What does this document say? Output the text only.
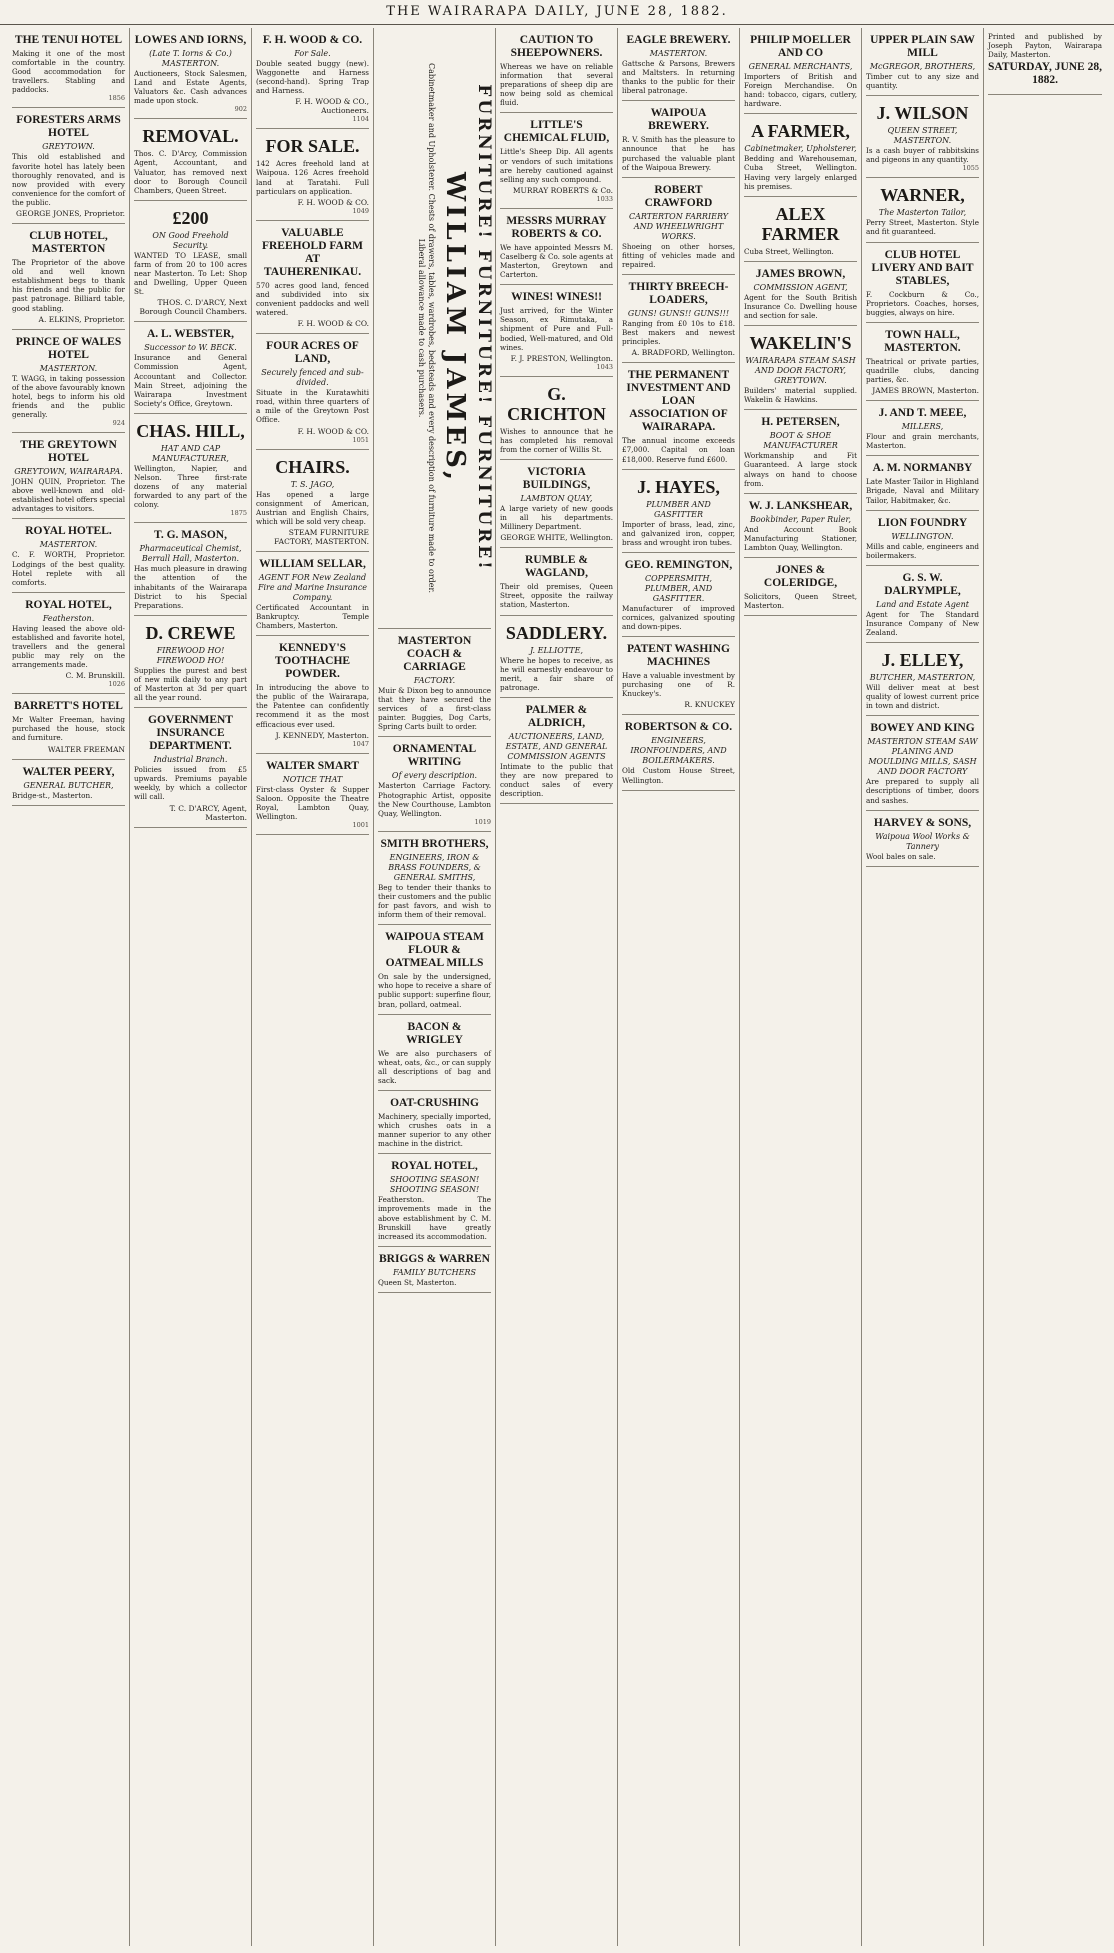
THE WAIRARAPA DAILY, JUNE 28, 1882.
THE TENUI HOTEL
Making it one of the most comfortable in the country. Good accommodation for travellers. Stabling and paddocks.
1856
FORESTERS ARMS HOTEL
GREYTOWN.
This old established and favorite hotel has lately been thoroughly renovated, and is now provided with every convenience for the comfort of the public.
GEORGE JONES, Proprietor.
CLUB HOTEL, MASTERTON
The Proprietor of the above old and well known establishment begs to thank his friends and the public for past patronage. Billiard table, good stabling.
A. ELKINS, Proprietor.
PRINCE OF WALES HOTEL
MASTERTON.
T. WAGG, in taking possession of the above favourably known hotel, begs to inform his old friends and the public generally.
924
THE GREYTOWN HOTEL
GREYTOWN, WAIRARAPA.
JOHN QUIN, Proprietor. The above well-known and old-established hotel offers special advantages to visitors.
ROYAL HOTEL.
MASTERTON.
C. F. WORTH, Proprietor. Lodgings of the best quality. Hotel replete with all comforts.
ROYAL HOTEL,
Featherston.
Having leased the above old-established and favorite hotel, travellers and the general public may rely on the arrangements made.
C. M. Brunskill.
1026
BARRETT'S HOTEL
Mr Walter Freeman, having purchased the house, stock and furniture.
WALTER FREEMAN
WALTER PEERY,
GENERAL BUTCHER,
Bridge-st., Masterton.
LOWES AND IORNS,
(Late T. Iorns & Co.) MASTERTON.
Auctioneers, Stock Salesmen, Land and Estate Agents, Valuators &c. Cash advances made upon stock.
902
REMOVAL.
Thos. C. D'Arcy, Commission Agent, Accountant, and Valuator, has removed next door to Borough Council Chambers, Queen Street.
£200
ON Good Freehold Security.
WANTED TO LEASE, small farm of from 20 to 100 acres near Masterton. To Let: Shop and Dwelling, Upper Queen St.
THOS. C. D'ARCY, Next Borough Council Chambers.
A. L. WEBSTER,
Successor to W. BECK.
Insurance and General Commission Agent, Accountant and Collector. Main Street, adjoining the Wairarapa Investment Society's Office, Greytown.
CHAS. HILL,
HAT AND CAP MANUFACTURER,
Wellington, Napier, and Nelson. Three first-rate dozens of any material forwarded to any part of the colony.
1875
T. G. MASON,
Pharmaceutical Chemist, Berrall Hall, Masterton.
Has much pleasure in drawing the attention of the inhabitants of the Wairarapa District to his Special Preparations.
D. CREWE
FIREWOOD HO! FIREWOOD HO!
Supplies the purest and best of new milk daily to any part of Masterton at 3d per quart all the year round.
GOVERNMENT INSURANCE DEPARTMENT.
Industrial Branch.
Policies issued from £5 upwards. Premiums payable weekly, by which a collector will call.
T. C. D'ARCY, Agent, Masterton.
F. H. WOOD & CO.
For Sale.
Double seated buggy (new). Waggonette and Harness (second-hand). Spring Trap and Harness.
F. H. WOOD & CO., Auctioneers.
1104
FOR SALE.
142 Acres freehold land at Waipoua. 126 Acres freehold land at Taratahi. Full particulars on application.
F. H. WOOD & CO.
1049
VALUABLE FREEHOLD FARM AT TAUHERENIKAU.
570 acres good land, fenced and subdivided into six convenient paddocks and well watered.
F. H. WOOD & CO.
FOUR ACRES OF LAND,
Securely fenced and sub-divided.
Situate in the Kuratawhiti road, within three quarters of a mile of the Greytown Post Office.
F. H. WOOD & CO.
1051
CHAIRS.
T. S. JAGO,
Has opened a large consignment of American, Austrian and English Chairs, which will be sold very cheap.
STEAM FURNITURE FACTORY, MASTERTON.
WILLIAM SELLAR,
AGENT FOR New Zealand Fire and Marine Insurance Company.
Certificated Accountant in Bankruptcy. Temple Chambers, Masterton.
KENNEDY'S TOOTHACHE POWDER.
In introducing the above to the public of the Wairarapa, the Patentee can confidently recommend it as the most efficacious ever used.
J. KENNEDY, Masterton.
1047
WALTER SMART
NOTICE THAT
First-class Oyster & Supper Saloon. Opposite the Theatre Royal, Lambton Quay, Wellington.
1001
FURNITURE! FURNITURE! FURNITURE!
WILLIAM JAMES,
Cabinetmaker and Upholsterer. Chests of drawers, tables, wardrobes, bedsteads and every description of furniture made to order. Liberal allowance made to cash purchasers.
MASTERTON COACH & CARRIAGE
FACTORY.
Muir & Dixon beg to announce that they have secured the services of a first-class painter. Buggies, Dog Carts, Spring Carts built to order.
ORNAMENTAL WRITING
Of every description.
Masterton Carriage Factory. Photographic Artist, opposite the New Courthouse, Lambton Quay, Wellington.
1019
SMITH BROTHERS,
ENGINEERS, IRON & BRASS FOUNDERS, & GENERAL SMITHS,
Beg to tender their thanks to their customers and the public for past favors, and wish to inform them of their removal.
WAIPOUA STEAM FLOUR & OATMEAL MILLS
On sale by the undersigned, who hope to receive a share of public support: superfine flour, bran, pollard, oatmeal.
BACON & WRIGLEY
We are also purchasers of wheat, oats, &c., or can supply all descriptions of bag and sack.
OAT-CRUSHING
Machinery, specially imported, which crushes oats in a manner superior to any other machine in the district.
ROYAL HOTEL,
SHOOTING SEASON! SHOOTING SEASON!
Featherston. The improvements made in the above establishment by C. M. Brunskill have greatly increased its accommodation.
BRIGGS & WARREN
FAMILY BUTCHERS
Queen St, Masterton.
CAUTION TO SHEEPOWNERS.
Whereas we have on reliable information that several preparations of sheep dip are now being sold as chemical fluid.
LITTLE'S CHEMICAL FLUID,
Little's Sheep Dip. All agents or vendors of such imitations are hereby cautioned against selling any such compound.
MURRAY ROBERTS & Co.
1033
MESSRS MURRAY ROBERTS & CO.
We have appointed Messrs M. Caselberg & Co. sole agents at Masterton, Greytown and Carterton.
WINES! WINES!!
Just arrived, for the Winter Season, ex Rimutaka, a shipment of Pure and Full-bodied, Well-matured, and Old wines.
F. J. PRESTON, Wellington.
1043
G. CRICHTON
Wishes to announce that he has completed his removal from the corner of Willis St.
VICTORIA BUILDINGS,
LAMBTON QUAY,
A large variety of new goods in all his departments. Millinery Department.
GEORGE WHITE, Wellington.
RUMBLE & WAGLAND,
Their old premises, Queen Street, opposite the railway station, Masterton.
SADDLERY.
J. ELLIOTTE,
Where he hopes to receive, as he will earnestly endeavour to merit, a fair share of patronage.
PALMER & ALDRICH,
AUCTIONEERS, LAND, ESTATE, AND GENERAL COMMISSION AGENTS
Intimate to the public that they are now prepared to conduct sales of every description.
EAGLE BREWERY.
MASTERTON.
Gattsche & Parsons, Brewers and Maltsters. In returning thanks to the public for their liberal patronage.
WAIPOUA BREWERY.
R. V. Smith has the pleasure to announce that he has purchased the valuable plant of the Waipoua Brewery.
ROBERT CRAWFORD
CARTERTON FARRIERY AND WHEELWRIGHT WORKS.
Shoeing on other horses, fitting of vehicles made and repaired.
THIRTY BREECH-LOADERS,
GUNS! GUNS!! GUNS!!!
Ranging from £0 10s to £18. Best makers and newest principles.
A. BRADFORD, Wellington.
THE PERMANENT INVESTMENT AND LOAN ASSOCIATION OF WAIRARAPA.
The annual income exceeds £7,000. Capital on loan £18,000. Reserve fund £600.
J. HAYES,
PLUMBER AND GASFITTER
Importer of brass, lead, zinc, and galvanized iron, copper, brass and wrought iron tubes.
GEO. REMINGTON,
COPPERSMITH, PLUMBER, AND GASFITTER.
Manufacturer of improved cornices, galvanized spouting and down-pipes.
PATENT WASHING MACHINES
Have a valuable investment by purchasing one of R. Knuckey's.
R. KNUCKEY
ROBERTSON & CO.
ENGINEERS, IRONFOUNDERS, AND BOILERMAKERS.
Old Custom House Street, Wellington.
PHILIP MOELLER AND CO
GENERAL MERCHANTS,
Importers of British and Foreign Merchandise. On hand: tobacco, cigars, cutlery, hardware.
A FARMER,
Cabinetmaker, Upholsterer,
Bedding and Warehouseman, Cuba Street, Wellington. Having very largely enlarged his premises.
ALEX FARMER
Cuba Street, Wellington.
JAMES BROWN,
COMMISSION AGENT,
Agent for the South British Insurance Co. Dwelling house and section for sale.
WAKELIN'S
WAIRARAPA STEAM SASH AND DOOR FACTORY, GREYTOWN.
Builders' material supplied. Wakelin & Hawkins.
H. PETERSEN,
BOOT & SHOE MANUFACTURER
Workmanship and Fit Guaranteed. A large stock always on hand to choose from.
W. J. LANKSHEAR,
Bookbinder, Paper Ruler,
And Account Book Manufacturing Stationer, Lambton Quay, Wellington.
JONES & COLERIDGE,
Solicitors, Queen Street, Masterton.
UPPER PLAIN SAW MILL
McGREGOR, BROTHERS,
Timber cut to any size and quantity.
J. WILSON
QUEEN STREET, MASTERTON.
Is a cash buyer of rabbitskins and pigeons in any quantity.
1055
WARNER,
The Masterton Tailor,
Perry Street, Masterton. Style and fit guaranteed.
CLUB HOTEL LIVERY AND BAIT STABLES,
F. Cockburn & Co., Proprietors. Coaches, horses, buggies, always on hire.
TOWN HALL, MASTERTON.
Theatrical or private parties, quadrille clubs, dancing parties, &c.
JAMES BROWN, Masterton.
J. AND T. MEEE,
MILLERS,
Flour and grain merchants, Masterton.
A. M. NORMANBY
Late Master Tailor in Highland Brigade, Naval and Military Tailor, Habitmaker, &c.
LION FOUNDRY
WELLINGTON.
Mills and cable, engineers and boilermakers.
G. S. W. DALRYMPLE,
Land and Estate Agent
Agent for The Standard Insurance Company of New Zealand.
J. ELLEY,
BUTCHER, MASTERTON,
Will deliver meat at best quality of lowest current price in town and district.
BOWEY AND KING
MASTERTON STEAM SAW PLANING AND MOULDING MILLS, SASH AND DOOR FACTORY
Are prepared to supply all descriptions of timber, doors and sashes.
HARVEY & SONS,
Waipoua Wool Works & Tannery
Wool bales on sale.
Printed and published by Joseph Payton, Wairarapa Daily, Masterton.
SATURDAY, JUNE 28, 1882.
